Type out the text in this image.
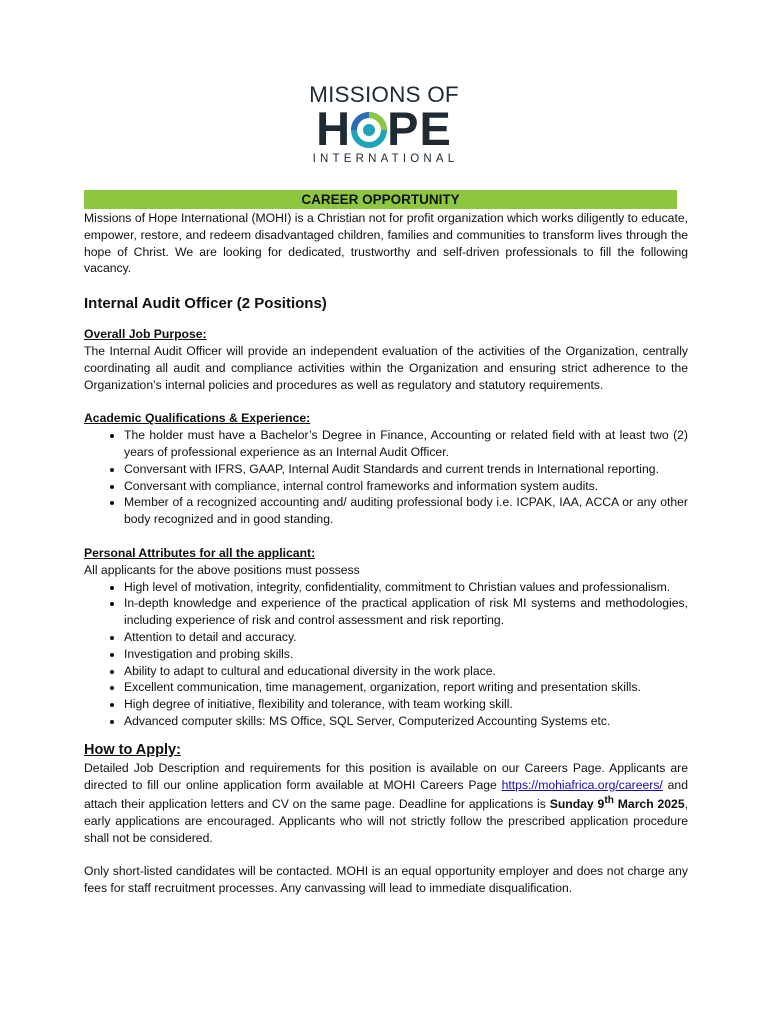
MISSIONS OF
H PE
INTERNATIONAL
CAREER OPPORTUNITY

Missions of Hope International (MOHI) is a Christian not for profit organization which works diligently to educate, empower, restore, and redeem disadvantaged children, families and communities to transform lives through the hope of Christ. We are looking for dedicated, trustworthy and self-driven professionals to fill the following vacancy.

Internal Audit Officer (2 Positions)

Overall Job Purpose:

The Internal Audit Officer will provide an independent evaluation of the activities of the Organization, centrally coordinating all audit and compliance activities within the Organization and ensuring strict adherence to the Organization’s internal policies and procedures as well as regulatory and statutory requirements.

Academic Qualifications & Experience:

• The holder must have a Bachelor’s Degree in Finance, Accounting or related field with at least two (2) years of professional experience as an Internal Audit Officer.
• Conversant with IFRS, GAAP, Internal Audit Standards and current trends in International reporting.
• Conversant with compliance, internal control frameworks and information system audits.
• Member of a recognized accounting and/ auditing professional body i.e. ICPAK, IAA, ACCA or any other body recognized and in good standing.

Personal Attributes for all the applicant:

All applicants for the above positions must possess

• High level of motivation, integrity, confidentiality, commitment to Christian values and professionalism.
• In-depth knowledge and experience of the practical application of risk MI systems and methodologies, including experience of risk and control assessment and risk reporting.
• Attention to detail and accuracy.
• Investigation and probing skills.
• Ability to adapt to cultural and educational diversity in the work place.
• Excellent communication, time management, organization, report writing and presentation skills.
• High degree of initiative, flexibility and tolerance, with team working skill.
• Advanced computer skills: MS Office, SQL Server, Computerized Accounting Systems etc.

How to Apply:

Detailed Job Description and requirements for this position is available on our Careers Page. Applicants are directed to fill our online application form available at MOHI Careers Page https://mohiafrica.org/careers/ and attach their application letters and CV on the same page. Deadline for applications is Sunday 9th March 2025, early applications are encouraged. Applicants who will not strictly follow the prescribed application procedure shall not be considered.

Only short-listed candidates will be contacted. MOHI is an equal opportunity employer and does not charge any fees for staff recruitment processes. Any canvassing will lead to immediate disqualification.
